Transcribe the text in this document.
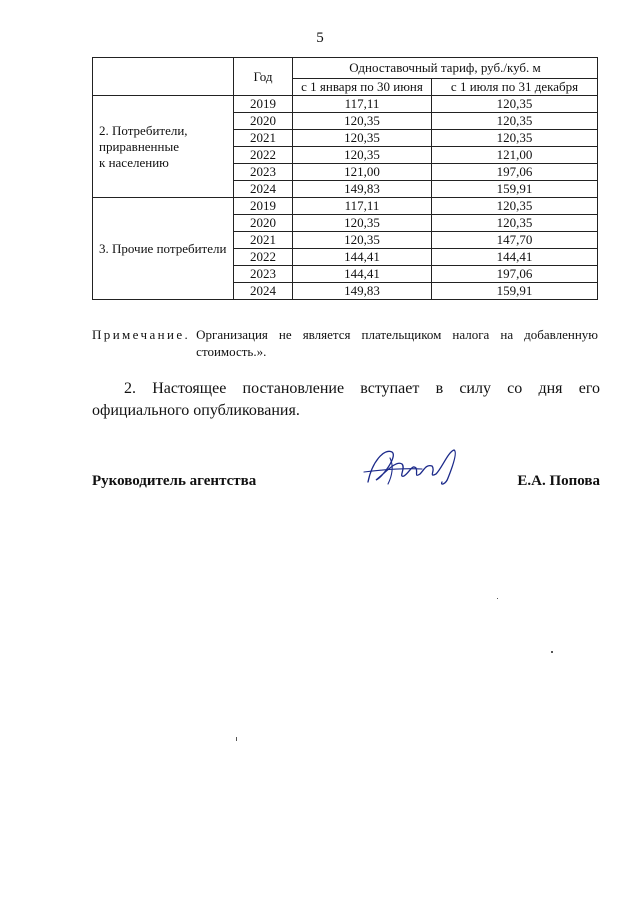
5
	Год	Одноставочный тариф, руб./куб. м	
		с 1 января по 30 июня	с 1 июля по 31 декабря

2. Потребители,
приравненные
к населению	2019	117,11	120,35
	2020	120,35	120,35
	2021	120,35	120,35
	2022	120,35	121,00
	2023	121,00	197,06
	2024	149,83	159,91

3. Прочие потребители	2019	117,11	120,35
	2020	120,35	120,35
	2021	120,35	147,70
	2022	144,41	144,41
	2023	144,41	197,06
	2024	149,83	159,91
Примечание. Организация не является плательщиком налога на добавленную стоимость.».
2. Настоящее постановление вступает в силу со дня его официального опубликования.
Руководитель агентства	Е.А. Попова
